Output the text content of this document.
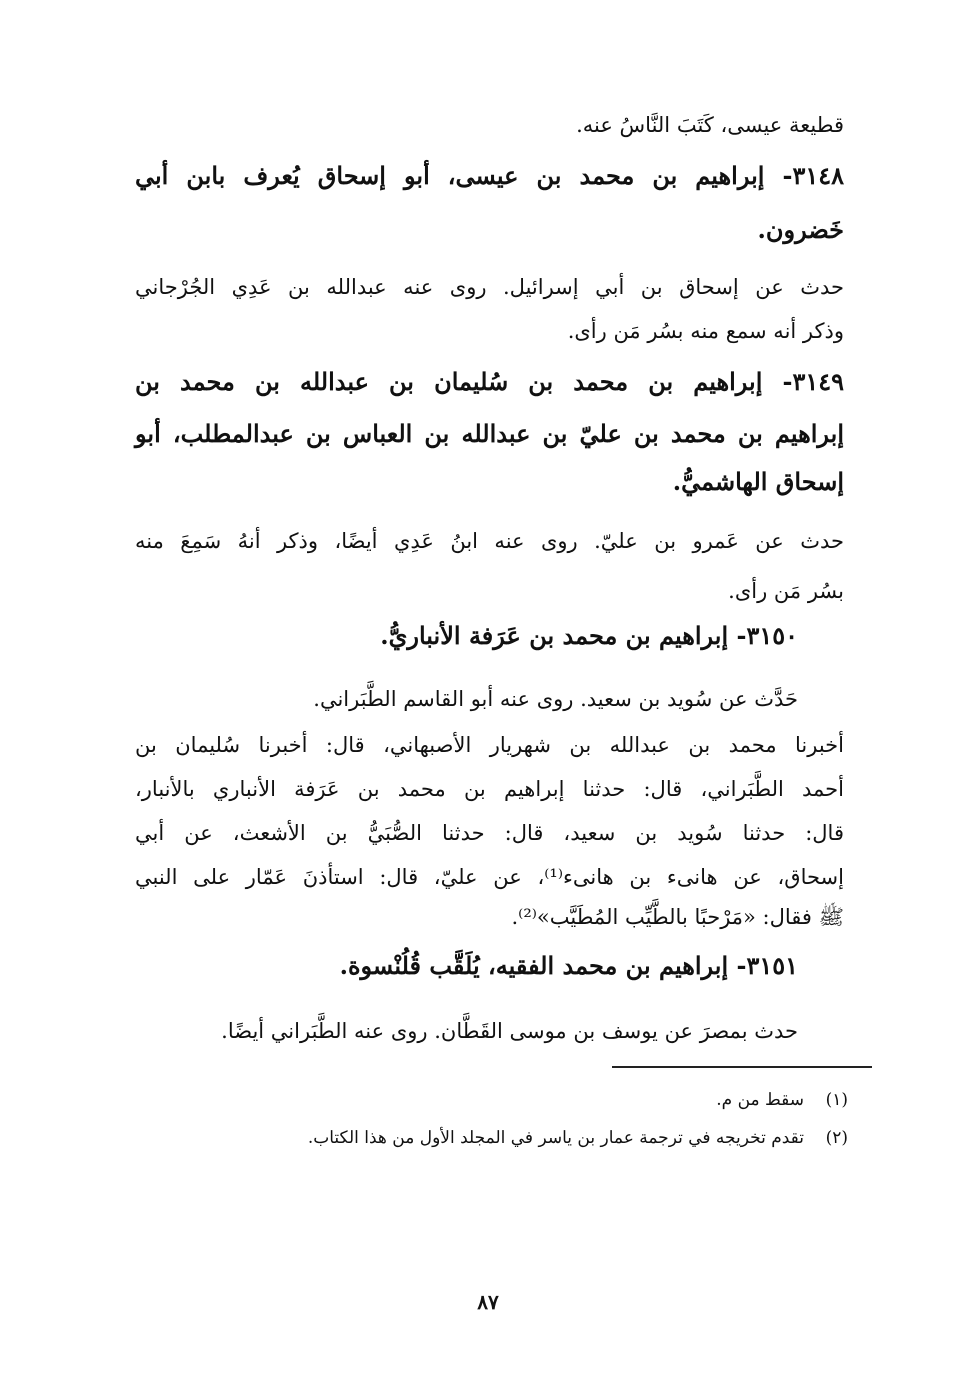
قطيعة عيسى، كَتَبَ النَّاسُ عنه.
٣١٤٨- إبراهيم بن محمد بن عيسى، أبو إسحاق يُعرف بابن أبي
خَضرون.
حدث عن إسحاق بن أبي إسرائيل. روى عنه عبدالله بن عَدِي الجُرْجاني
وذكر أنه سمع منه بسُر مَن رأى.
٣١٤٩- إبراهيم بن محمد بن سُليمان بن عبدالله بن محمد بن
إبراهيم بن محمد بن عليّ بن عبدالله بن العباس بن عبدالمطلب، أبو
إسحاق الهاشميُّ.
حدث عن عَمرو بن عليّ. روى عنه ابنُ عَدِي أيضًا، وذكر أنهُ سَمِعَ منه
بسُر مَن رأى.
٣١٥٠- إبراهيم بن محمد بن عَرَفة الأنباريُّ.
حَدَّث عن سُويد بن سعيد. روى عنه أبو القاسم الطَّبَراني.
أخبرنا محمد بن عبدالله بن شهريار الأصبهاني، قال: أخبرنا سُليمان بن
أحمد الطَّبَراني، قال: حدثنا إبراهيم بن محمد بن عَرَفة الأنباري بالأنبار،
قال: حدثنا سُويد بن سعيد، قال: حدثنا الصُّبَيُّ بن الأشعث، عن أبي
إسحاق، عن هانىء بن هانىء⁽¹⁾، عن عليّ، قال: استأذنَ عَمّار على النبي
ﷺ فقال: «مَرْحبًا بالطَّيِّب المُطَيَّب»⁽²⁾.
٣١٥١- إبراهيم بن محمد الفقيه، يُلَقَّب قُلُنْسوة.
حدث بمصرَ عن يوسف بن موسى القَطَّان. روى عنه الطَّبَراني أيضًا.
(١)سقط من م.
(٢)تقدم تخريجه في ترجمة عمار بن ياسر في المجلد الأول من هذا الكتاب.
٨٧
